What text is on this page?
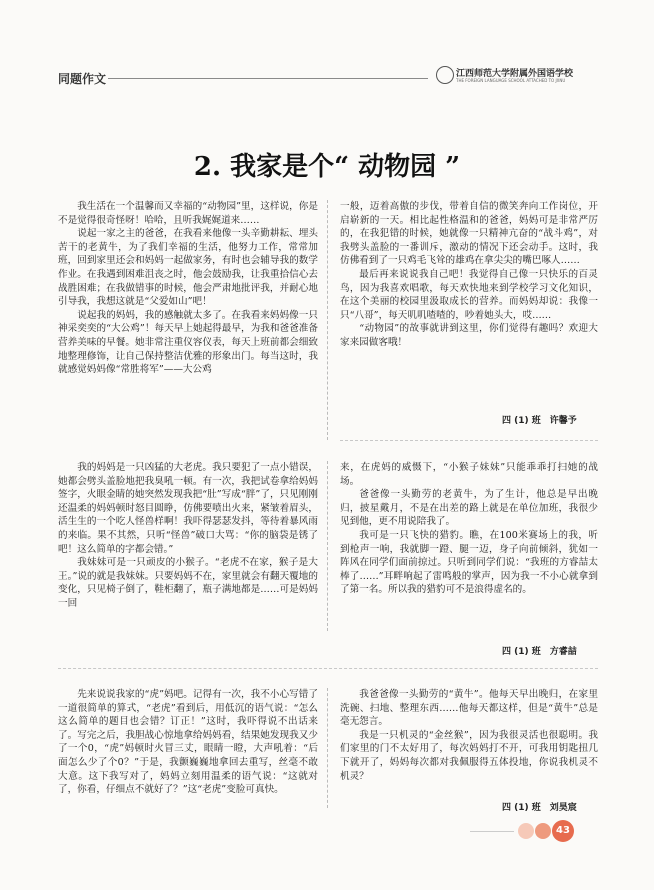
同题作文	江西师范大学附属外国语学校
THE FOREIGN LANGUAGE SCHOOL ATTACHED TO JXNU
2. 我家是个“ 动物园 ”

我生活在一个温馨而又幸福的“动物园”里，这样说，你是不是觉得很奇怪呀！哈哈，且听我娓娓道来……

说起一家之主的爸爸，在我看来他像一头辛勤耕耘、埋头苦干的老黄牛，为了我们幸福的生活，他努力工作，常常加班，回到家里还会和妈妈一起做家务，有时也会辅导我的数学作业。在我遇到困难沮丧之时，他会鼓励我，让我重拾信心去战胜困难；在我做错事的时候，他会严肃地批评我，并耐心地引导我，我想这就是“父爱如山”吧！

说起我的妈妈，我的感触就太多了。在我看来妈妈像一只神采奕奕的“大公鸡”！每天早上她起得最早，为我和爸爸准备营养美味的早餐。她非常注重仪容仪表，每天上班前都会细致地整理修饰，让自己保持整洁优雅的形象出门。每当这时，我就感觉妈妈像“常胜将军”——大公鸡

一般，迈着高傲的步伐，带着自信的微笑奔向工作岗位，开启崭新的一天。相比起性格温和的爸爸，妈妈可是非常严厉的，在我犯错的时候，她就像一只精神亢奋的“战斗鸡”，对我劈头盖脸的一番训斥，激动的情况下还会动手。这时，我仿佛看到了一只鸡毛飞耸的雄鸡在拿尖尖的嘴巴啄人……

最后再来说说我自己吧！我觉得自己像一只快乐的百灵鸟，因为我喜欢唱歌，每天欢快地来到学校学习文化知识，在这个美丽的校园里汲取成长的营养。而妈妈却说：我像一只“八哥”，每天叽叽喳喳的，吵着她头大，哎……

“动物园”的故事就讲到这里，你们觉得有趣吗？欢迎大家来园做客哦！

四 (1) 班　许馨予

我的妈妈是一只凶猛的大老虎。我只要犯了一点小错误，她都会劈头盖脸地把我臭吼一顿。有一次，我把试卷拿给妈妈签字，火眼金睛的她突然发现我把“肚”写成“胖”了，只见刚刚还温柔的妈妈顿时怒目圆睁，仿佛要喷出火来，紧皱着眉头，活生生的一个吃人怪兽样啊！我吓得瑟瑟发抖，等待着暴风雨的来临。果不其然，只听“怪兽”破口大骂：“你的脑袋是锈了吧！这么简单的字都会错。”

我妹妹可是一只顽皮的小猴子。“老虎不在家，猴子是大王。”说的就是我妹妹。只要妈妈不在，家里就会有翻天覆地的变化，只见椅子倒了，鞋柜翻了，瓶子满地都是……可是妈妈一回

来，在虎妈的威慑下，“小猴子妹妹”只能乖乖打扫她的战场。

爸爸像一头勤劳的老黄牛，为了生计，他总是早出晚归，披星戴月，不是在出差的路上就是在单位加班，我很少见到他，更不用说陪我了。

我可是一只飞快的猎豹。瞧，在100米赛场上的我，听到枪声一响，我就脚一蹬、腿一迈，身子向前倾斜，犹如一阵风在同学们面前掠过。只听到同学们说：“我班的方睿喆太棒了……”耳畔响起了雷鸣般的掌声，因为我一不小心就拿到了第一名。所以我的猎豹可不是浪得虚名的。

四 (1) 班　方睿喆

先来说说我家的“虎”妈吧。记得有一次，我不小心写错了一道很简单的算式，“老虎”看到后，用低沉的语气说：“怎么这么简单的题目也会错？订正！”这时，我吓得说不出话来了。写完之后，我胆战心惊地拿给妈妈看，结果她发现我又少了一个0，“虎”妈顿时火冒三丈，眼睛一瞪，大声吼着：“后面怎么少了个0？”于是，我颤巍巍地拿回去重写，丝毫不敢大意。这下我写对了，妈妈立刻用温柔的语气说：“这就对了，你看，仔细点不就好了？”这“老虎”变脸可真快。

我爸爸像一头勤劳的“黄牛”。他每天早出晚归，在家里洗碗、扫地、整理东西……他每天都这样，但是“黄牛”总是毫无怨言。

我是一只机灵的“金丝猴”，因为我很灵活也很聪明。我们家里的门不太好用了，每次妈妈打不开，可我用钥匙扭几下就开了，妈妈每次都对我佩服得五体投地，你说我机灵不机灵？

四 (1) 班　刘昊宸
43
